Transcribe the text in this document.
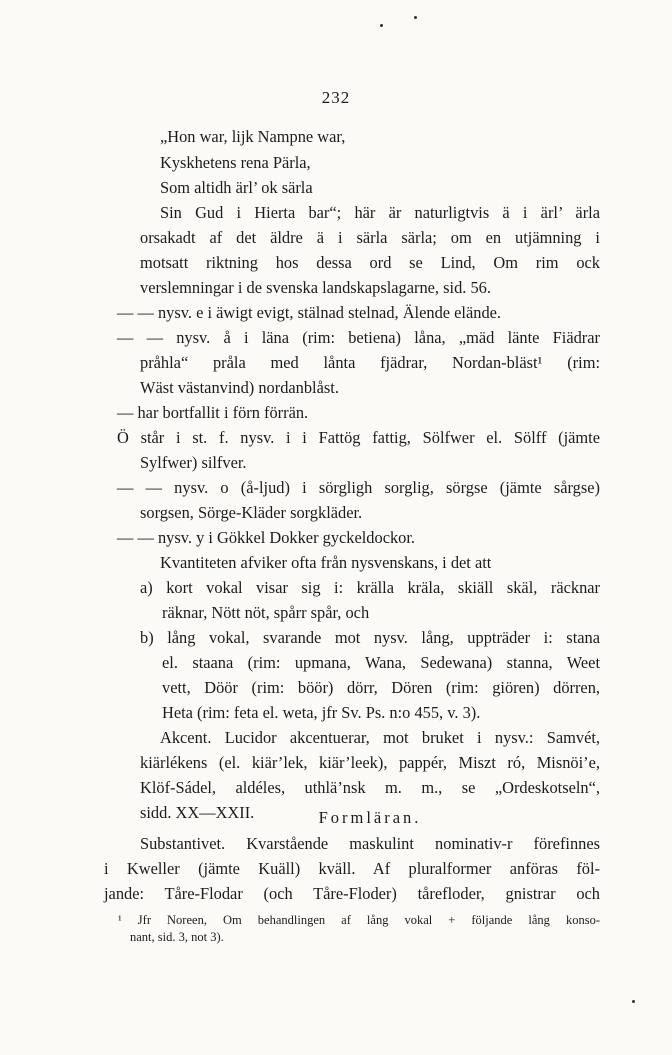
232
„Hon war, lijk Nampne war,
Kyskhetens rena Pärla,
Som altidh ärl’ ok särla
Sin Gud i Hierta bar“; här är naturligtvis ä i ärl’ ärla
orsakadt af det äldre ä i särla särla; om en utjämning i
motsatt riktning hos dessa ord se Lind, Om rim ock
verslemningar i de svenska landskapslagarne, sid. 56.
— — nysv. e i äwigt evigt, stälnad stelnad, Älende elände.
— — nysv. å i läna (rim: betiena) låna, „mäd länte Fiädrar
pråhla“ pråla med lånta fjädrar, Nordan-bläst¹ (rim:
Wäst västanvind) nordanblåst.
— har bortfallit i förn förrän.
Ö står i st. f. nysv. i i Fattög fattig, Sölfwer el. Sölff (jämte
Sylfwer) silfver.
— — nysv. o (å-ljud) i sörgligh sorglig, sörgse (jämte sårgse)
sorgsen, Sörge-Kläder sorgkläder.
— — nysv. y i Gökkel Dokker gyckeldockor.
Kvantiteten afviker ofta från nysvenskans, i det att
a) kort vokal visar sig i: krälla kräla, skiäll skäl, räcknar
räknar, Nött nöt, spårr spår, och
b) lång vokal, svarande mot nysv. lång, uppträder i: stana
el. staana (rim: upmana, Wana, Sedewana) stanna, Weet
vett, Döör (rim: böör) dörr, Dören (rim: giören) dörren,
Heta (rim: feta el. weta, jfr Sv. Ps. n:o 455, v. 3).
Akcent. Lucidor akcentuerar, mot bruket i nysv.: Samvét,
kiärlékens (el. kiär’lek, kiär’leek), pappér, Miszt ró, Misnöi’e,
Klöf-Sádel, aldéles, uthlä’nsk m. m., se „Ordeskotseln“,
sidd. XX—XXII.	Formläran.
Substantivet. Kvarstående maskulint nominativ-r förefinnes
i Kweller (jämte Kuäll) kväll. Af pluralformer anföras föl-
jande: Tåre-Flodar (och Tåre-Floder) tårefloder, gnistrar och
¹ Jfr Noreen, Om behandlingen af lång vokal + följande lång konso-
nant, sid. 3, not 3).
